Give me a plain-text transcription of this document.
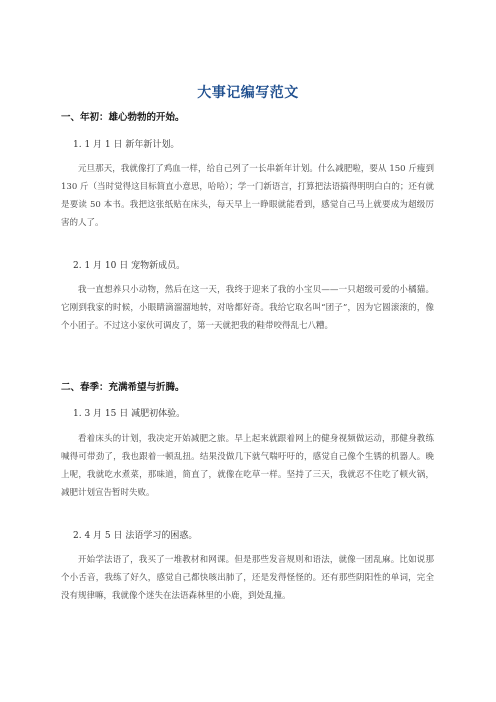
大事记编写范文
一、年初：雄心勃勃的开始。
1. 1 月 1 日 新年新计划。

元旦那天，我就像打了鸡血一样，给自己列了一长串新年计划。什么减肥啦，要从 150 斤瘦到 130 斤（当时觉得这目标简直小意思，哈哈）；学一门新语言，打算把法语搞得明明白白的；还有就是要读 50 本书。我把这张纸贴在床头，每天早上一睁眼就能看到，感觉自己马上就要成为超级厉害的人了。

2. 1 月 10 日 宠物新成员。

我一直想养只小动物，然后在这一天，我终于迎来了我的小宝贝——一只超级可爱的小橘猫。它刚到我家的时候，小眼睛滴溜溜地转，对啥都好奇。我给它取名叫“团子”，因为它圆滚滚的，像个小团子。不过这小家伙可调皮了，第一天就把我的鞋带咬得乱七八糟。

二、春季：充满希望与折腾。
1. 3 月 15 日 减肥初体验。

看着床头的计划，我决定开始减肥之旅。早上起来就跟着网上的健身视频做运动，那健身教练喊得可带劲了，我也跟着一顿乱扭。结果没做几下就气喘吁吁的，感觉自己像个生锈的机器人。晚上呢，我就吃水煮菜，那味道，简直了，就像在吃草一样。坚持了三天，我就忍不住吃了顿火锅，减肥计划宣告暂时失败。

2. 4 月 5 日 法语学习的困惑。

开始学法语了，我买了一堆教材和网课。但是那些发音规则和语法，就像一团乱麻。比如说那个小舌音，我练了好久，感觉自己都快咳出肺了，还是发得怪怪的。还有那些阴阳性的单词，完全没有规律嘛，我就像个迷失在法语森林里的小鹿，到处乱撞。
